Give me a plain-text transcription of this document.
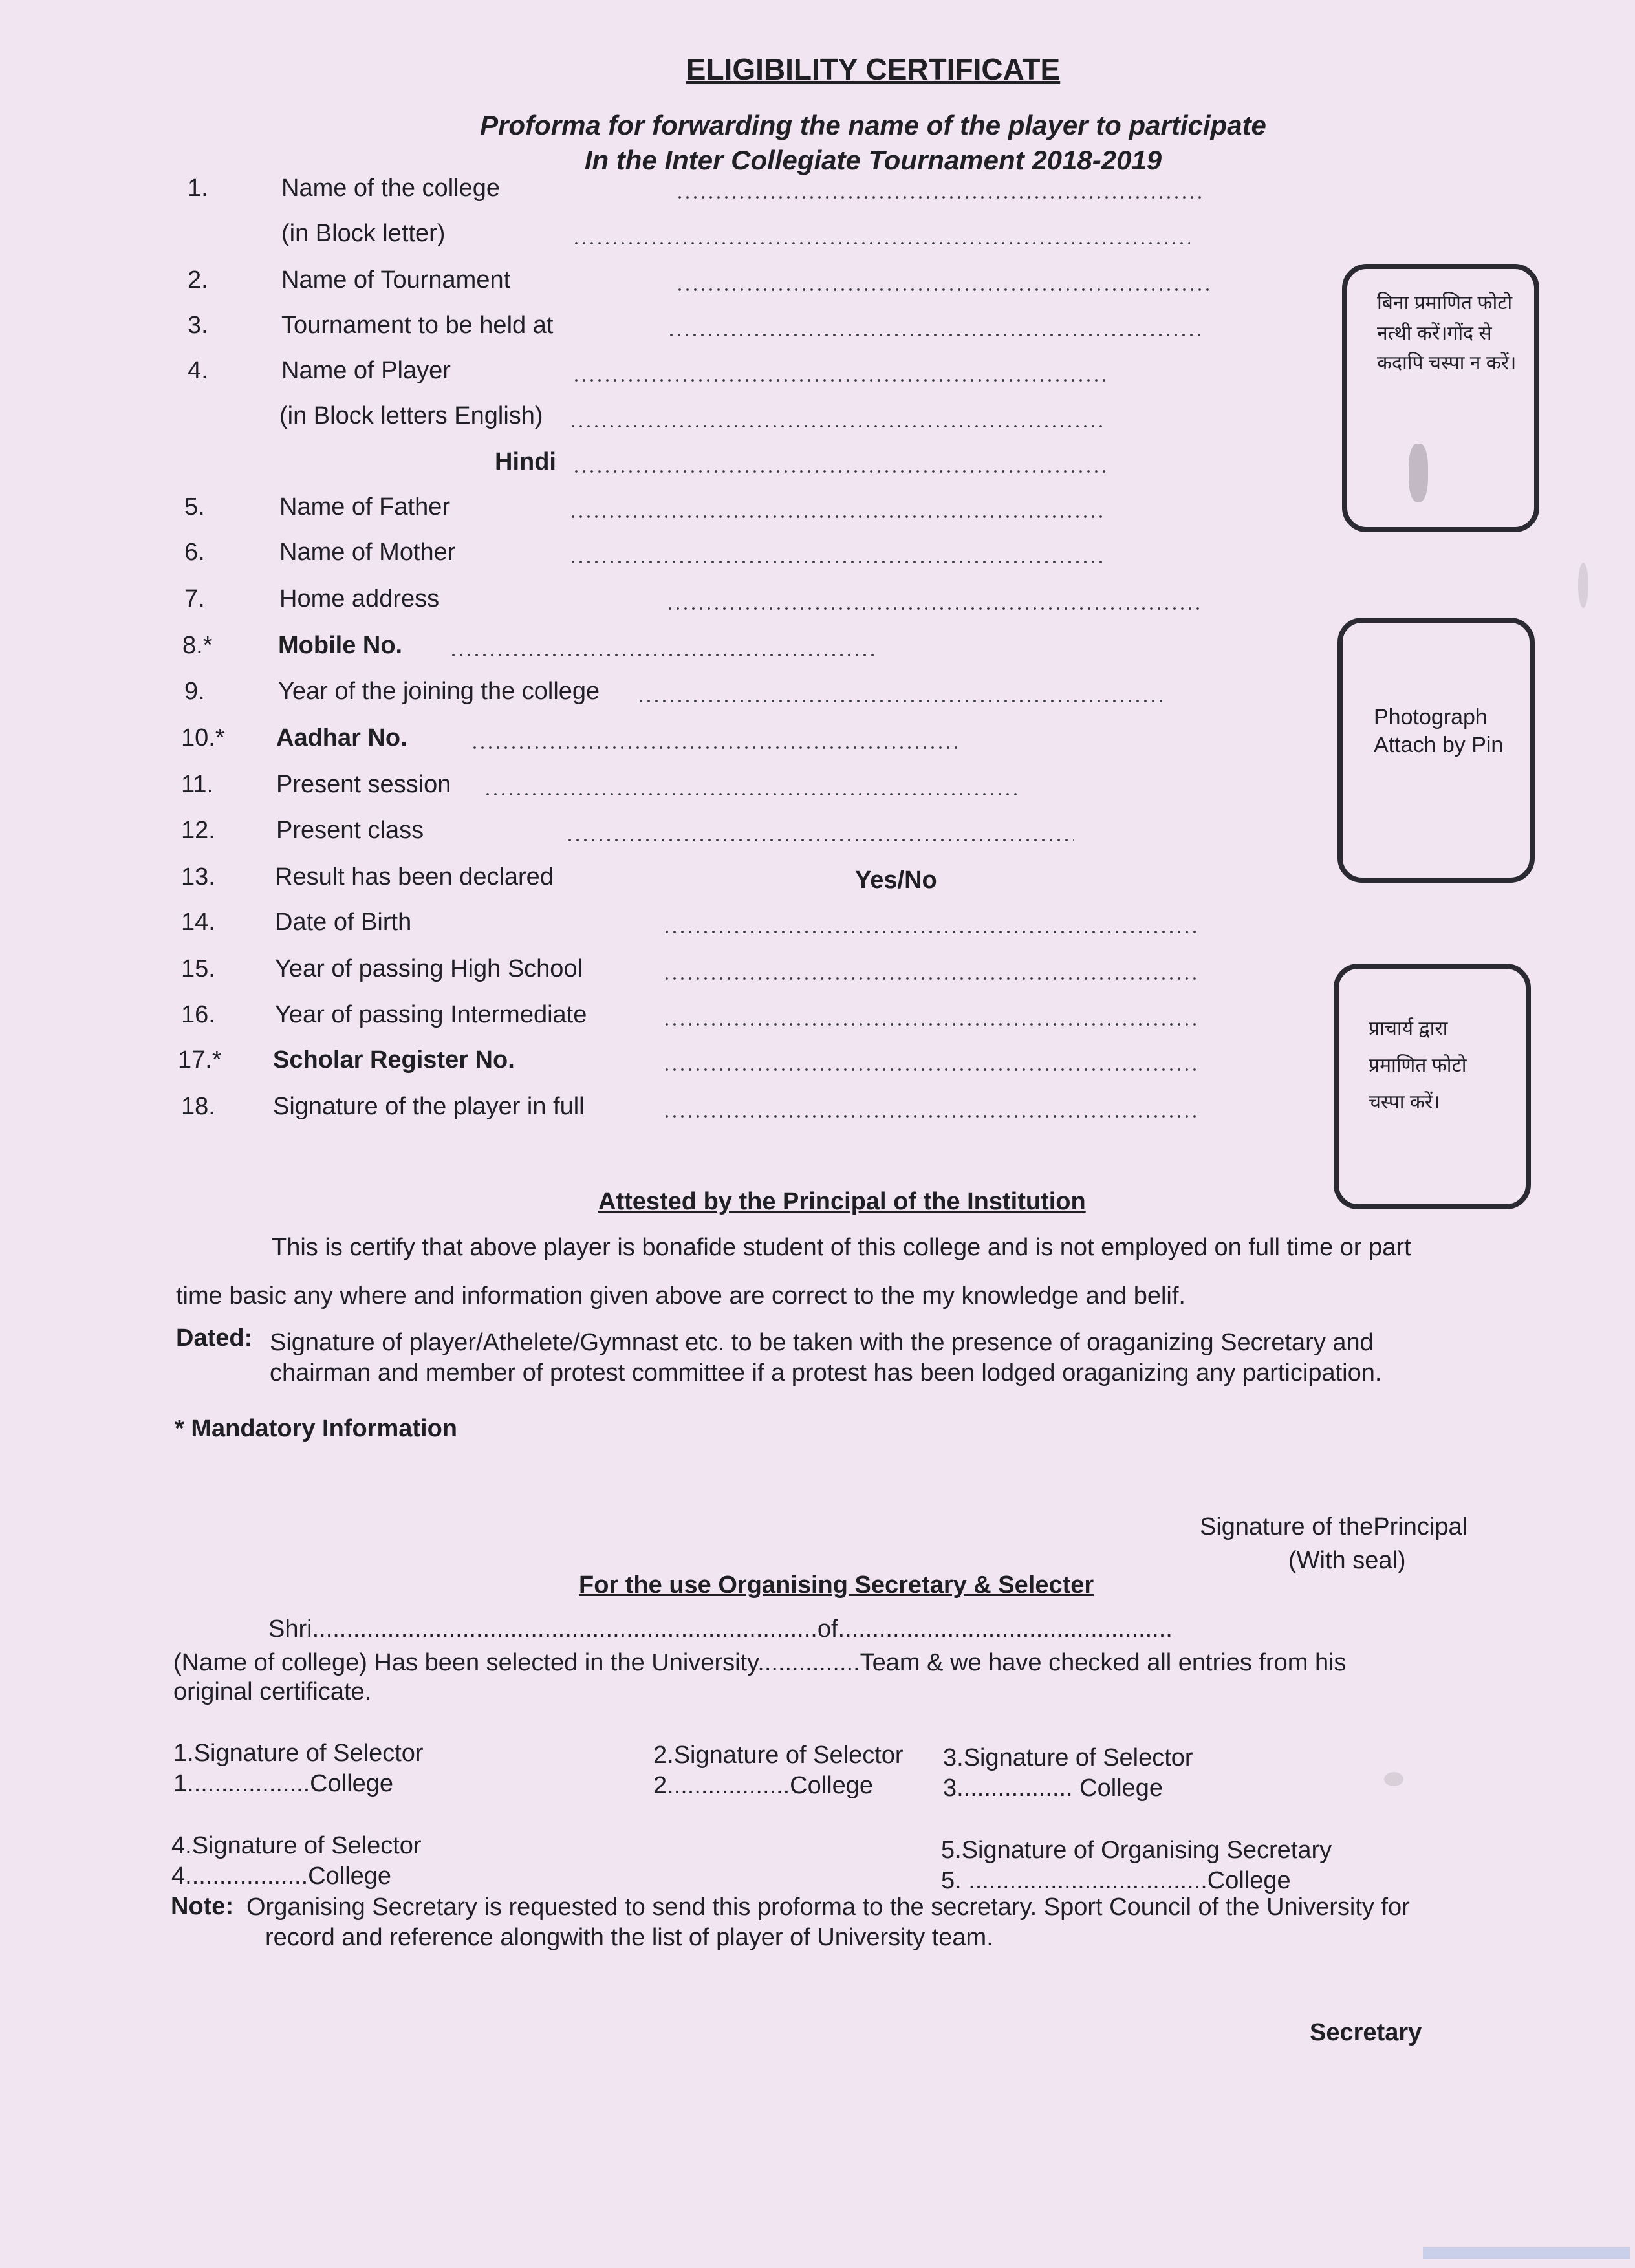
ELIGIBILITY CERTIFICATE
Proforma for forwarding the name of the player to participate
In the Inter Collegiate Tournament 2018-2019
1.	Name of the college
(in Block letter)
2.	Name of Tournament
3.	Tournament to be held at
4.	Name of Player
(in Block letters English)
Hindi
5.	Name of Father
6.	Name of Mother
7.	Home address
8.*	Mobile No.
9.	Year of the joining the college
10.* Aadhar No.
11.	Present session
12. Present class
13. Result has been declared	Yes/No
14. Date of Birth
15. Year of passing High School
16. Year of passing Intermediate
17.* Scholar Register No.
18. Signature of the player in full
बिना प्रमाणित फोटो नत्थी करें।गोंद से कदापि चस्पा न करें।
Photograph Attach by Pin
प्राचार्य द्वारा
प्रमाणित फोटो
चस्पा करें।
Attested by the Principal of the Institution
This is certify that above player is bonafide student of this college and is not employed on full time or part
time basic any where and information given above are correct to the my knowledge and belif.
Dated: Signature of player/Athelete/Gymnast etc. to be taken with the presence of oraganizing Secretary and
chairman and member of protest committee if a protest has been lodged oraganizing any participation.
* Mandatory Information
Signature of thePrincipal
(With seal)
For the use Organising Secretary & Selecter
Shri..........................................................................of.................................................
(Name of college) Has been selected in the University...............Team & we have checked all entries from his
original certificate.
1.Signature of Selector
1..................College
2.Signature of Selector
2..................College
3.Signature of Selector
3................. College
4.Signature of Selector
4..................College
5.Signature of Organising Secretary
5. ...................................College
Note: Organising Secretary is requested to send this proforma to the secretary. Sport Council of the University for
record and reference alongwith the list of player of University team.
Secretary
